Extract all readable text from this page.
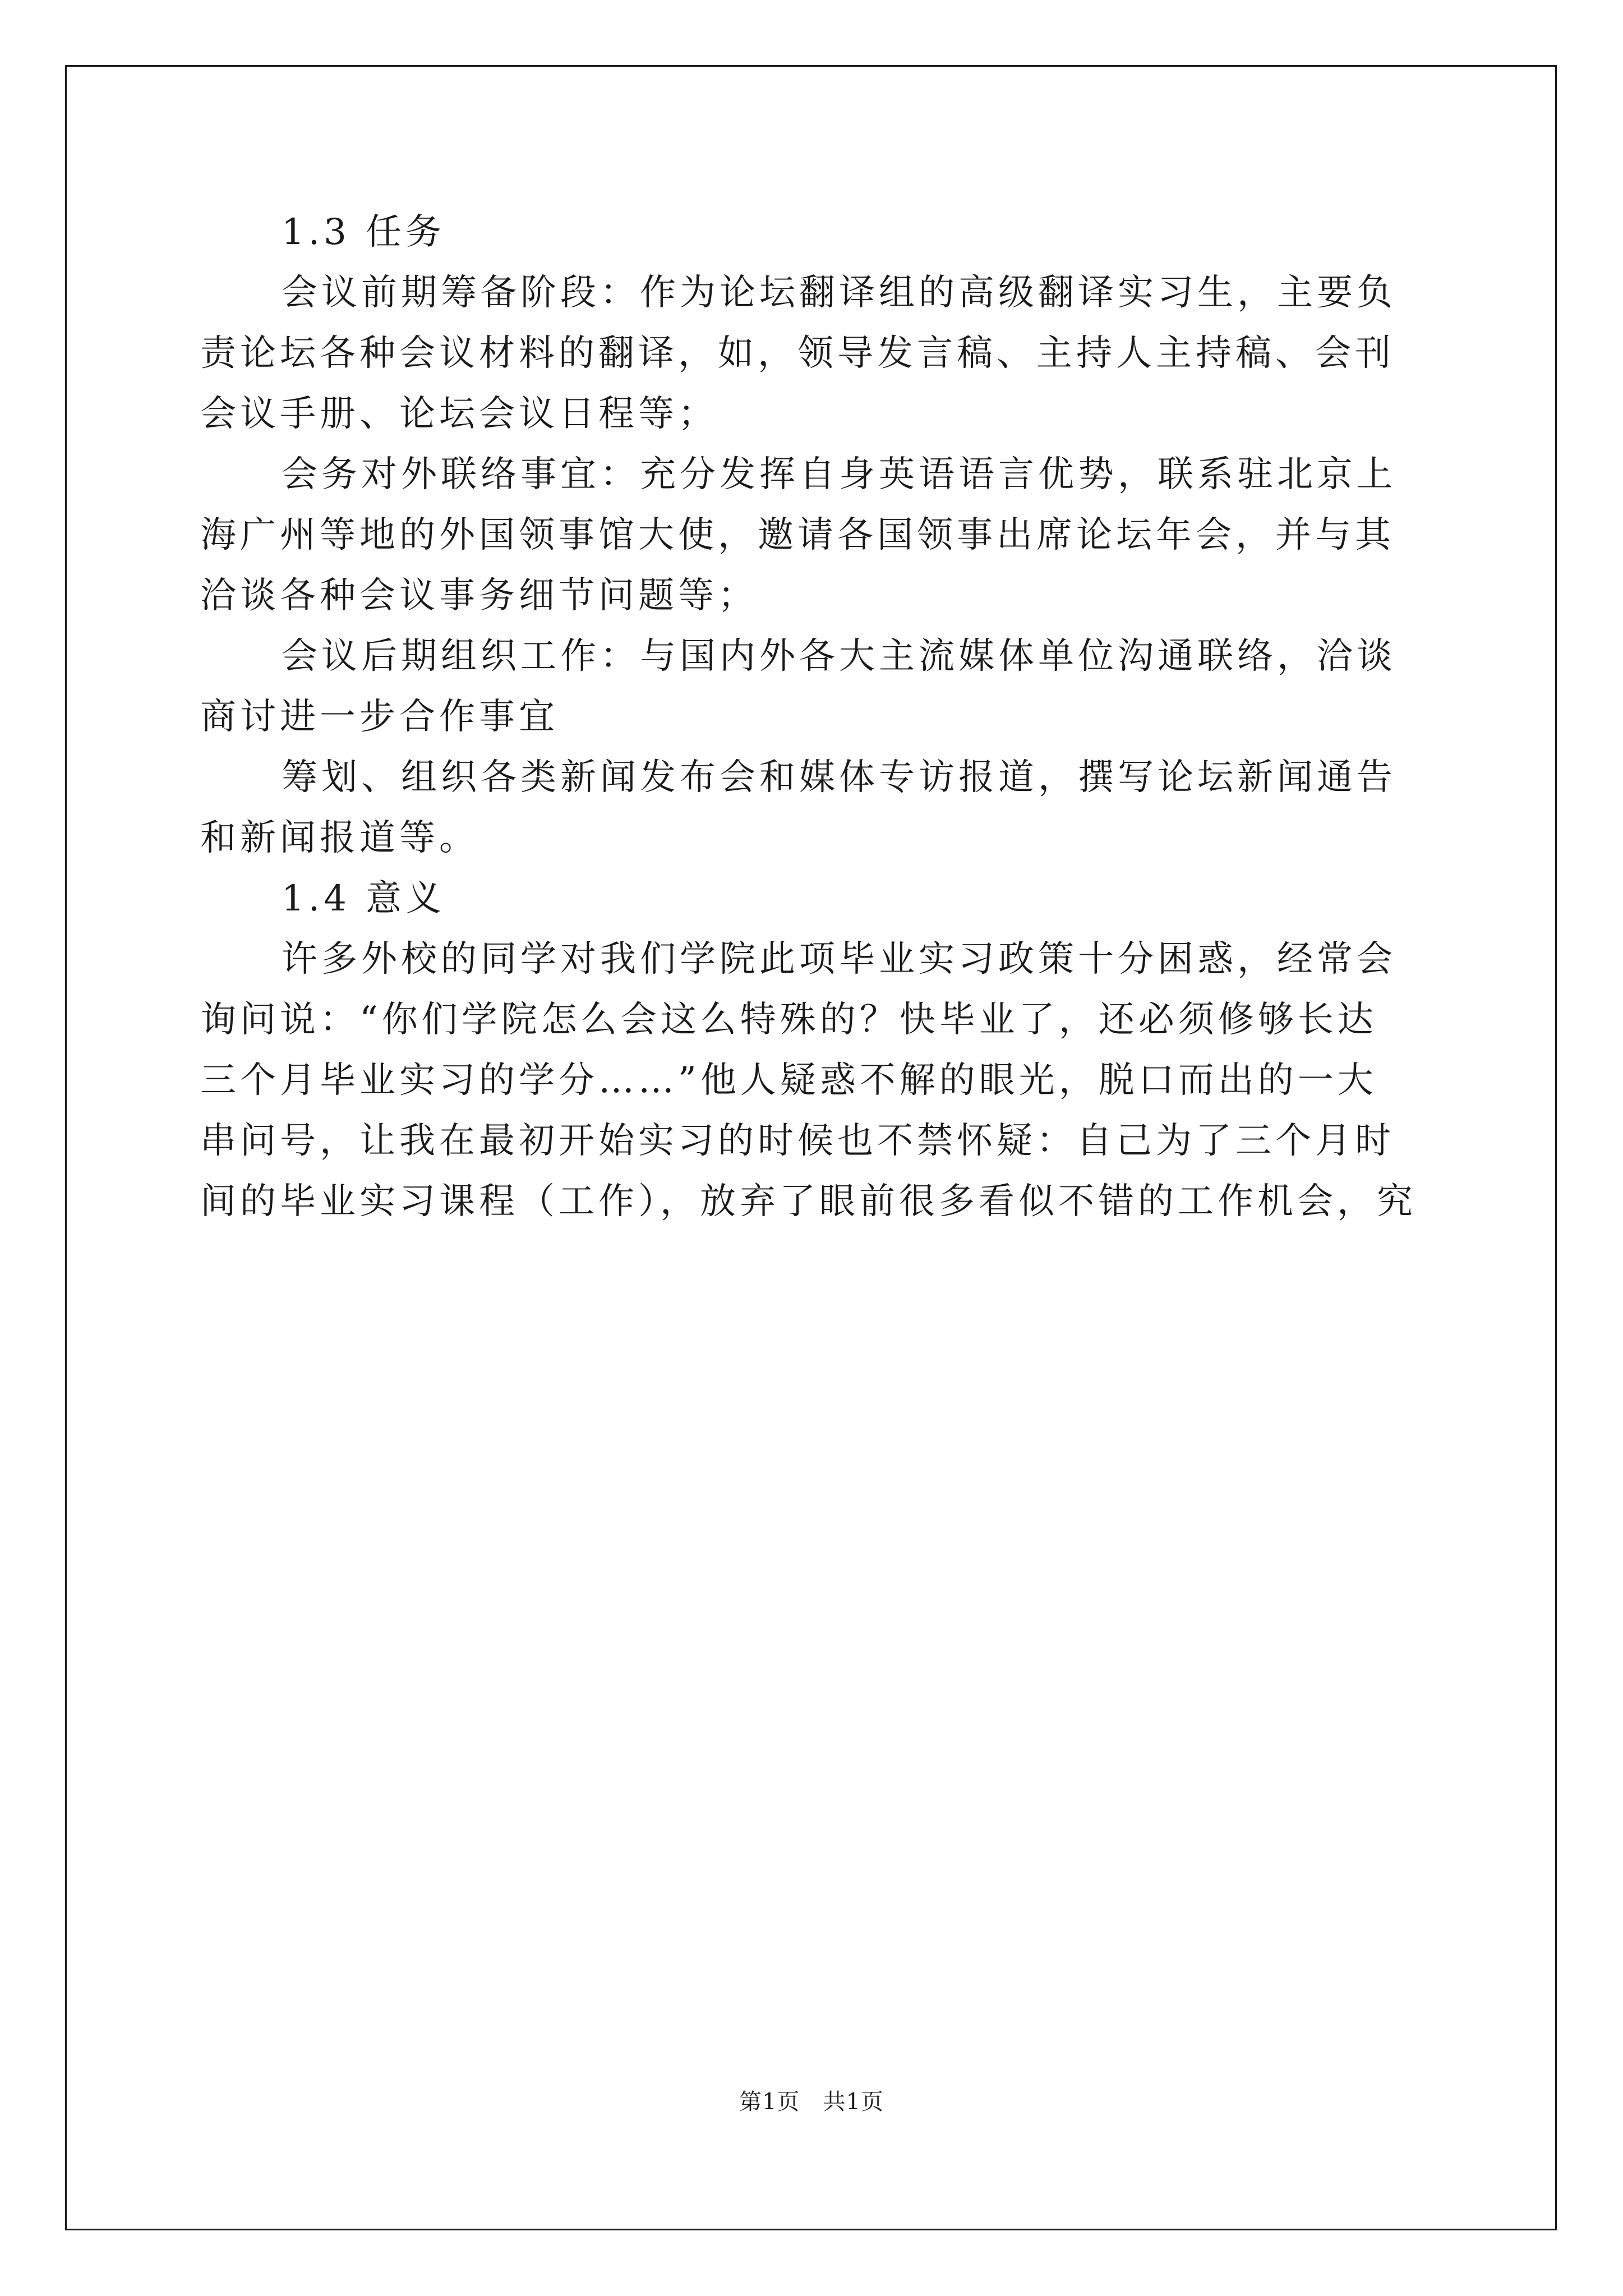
1.3 任务
会议前期筹备阶段：作为论坛翻译组的高级翻译实习生，主要负
责论坛各种会议材料的翻译，如，领导发言稿、主持人主持稿、会刊
会议手册、论坛会议日程等；
会务对外联络事宜：充分发挥自身英语语言优势，联系驻北京上
海广州等地的外国领事馆大使，邀请各国领事出席论坛年会，并与其
洽谈各种会议事务细节问题等；
会议后期组织工作：与国内外各大主流媒体单位沟通联络，洽谈
商讨进一步合作事宜
筹划、组织各类新闻发布会和媒体专访报道，撰写论坛新闻通告
和新闻报道等。
1.4 意义
许多外校的同学对我们学院此项毕业实习政策十分困惑，经常会
询问说：“你们学院怎么会这么特殊的？快毕业了，还必须修够长达
三个月毕业实习的学分……”他人疑惑不解的眼光，脱口而出的一大
串问号，让我在最初开始实习的时候也不禁怀疑：自己为了三个月时
间的毕业实习课程（工作），放弃了眼前很多看似不错的工作机会，究
第1页   共1页
